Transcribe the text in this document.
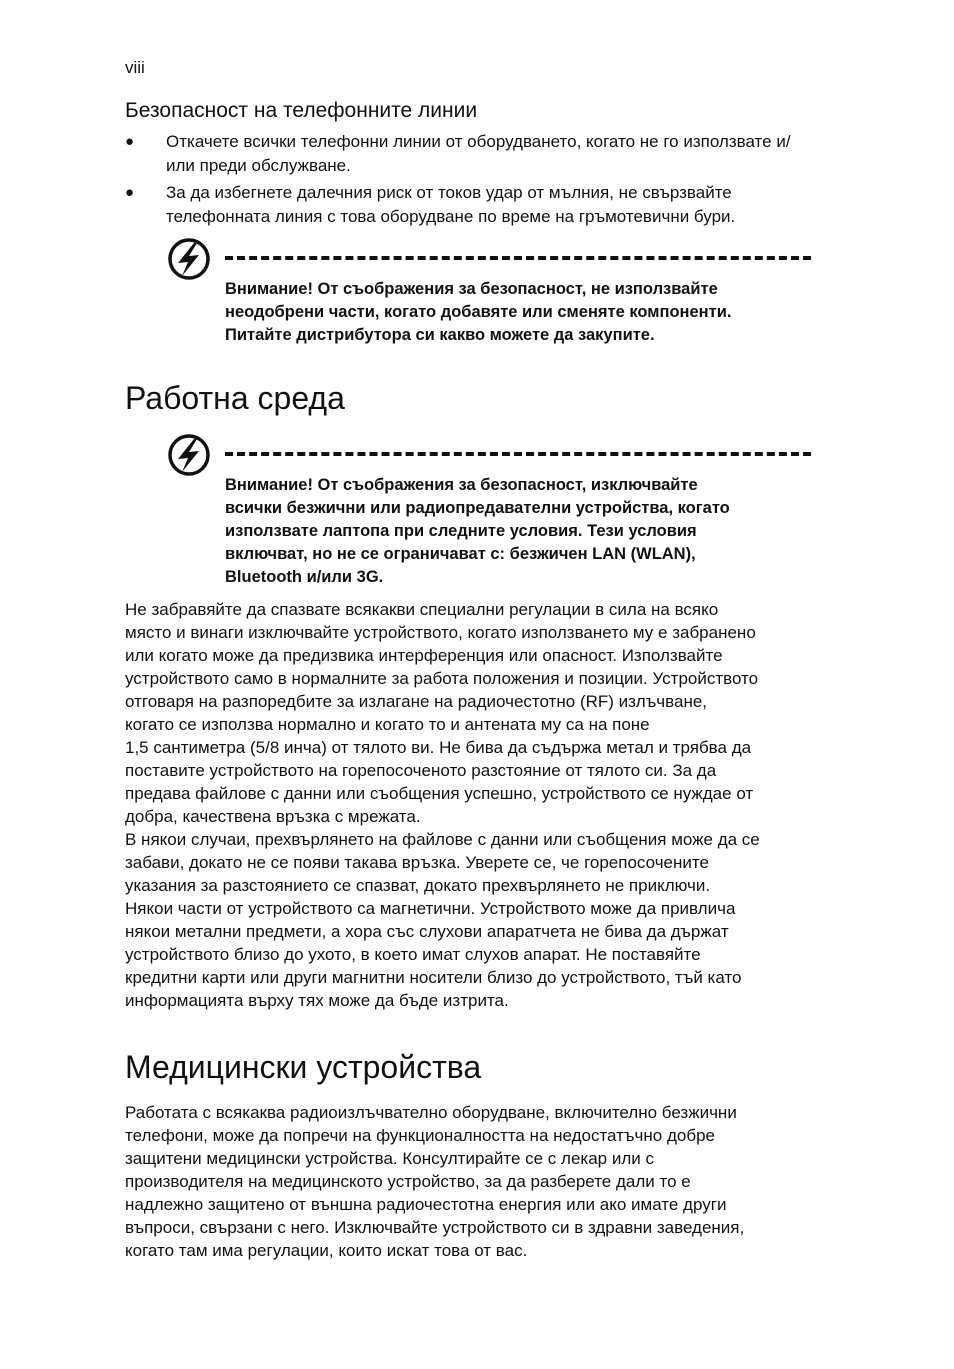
viii
Безопасност на телефонните линии
● Откачете всички телефонни линии от оборудването, когато не го използвате и/или преди обслужване.
● За да избегнете далечния риск от токов удар от мълния, не свързвайте телефонната линия с това оборудване по време на гръмотевични бури.
Внимание! От съображения за безопасност, не използвайте
неодобрени части, когато добавяте или сменяте компоненти.
Питайте дистрибутора си какво можете да закупите.
Работна среда
Внимание! От съображения за безопасност, изключвайте
всички безжични или радиопредавателни устройства, когато
използвате лаптопа при следните условия. Тези условия
включват, но не се ограничават с: безжичен LAN (WLAN),
Bluetooth и/или 3G.
Не забравяйте да спазвате всякакви специални регулации в сила на всяко
място и винаги изключвайте устройството, когато използването му е забранено
или когато може да предизвика интерференция или опасност. Използвайте
устройството само в нормалните за работа положения и позиции. Устройството
отговаря на разпоредбите за излагане на радиочестотно (RF) излъчване,
когато се използва нормално и когато то и антената му са на поне
1,5 сантиметра (5/8 инча) от тялото ви. Не бива да съдържа метал и трябва да
поставите устройството на горепосоченото разстояние от тялото си. За да
предава файлове с данни или съобщения успешно, устройството се нуждае от
добра, качествена връзка с мрежата.
В някои случаи, прехвърлянето на файлове с данни или съобщения може да се
забави, докато не се появи такава връзка. Уверете се, че горепосочените
указания за разстоянието се спазват, докато прехвърлянето не приключи.
Някои части от устройството са магнетични. Устройството може да привлича
някои метални предмети, а хора със слухови апаратчета не бива да държат
устройството близо до ухото, в което имат слухов апарат. Не поставяйте
кредитни карти или други магнитни носители близо до устройството, тъй като
информацията върху тях може да бъде изтрита.
Медицински устройства
Работата с всякаква радиоизлъчвателно оборудване, включително безжични
телефони, може да попречи на функционалността на недостатъчно добре
защитени медицински устройства. Консултирайте се с лекар или с
производителя на медицинското устройство, за да разберете дали то е
надлежно защитено от външна радиочестотна енергия или ако имате други
въпроси, свързани с него. Изключвайте устройството си в здравни заведения,
когато там има регулации, които искат това от вас.
